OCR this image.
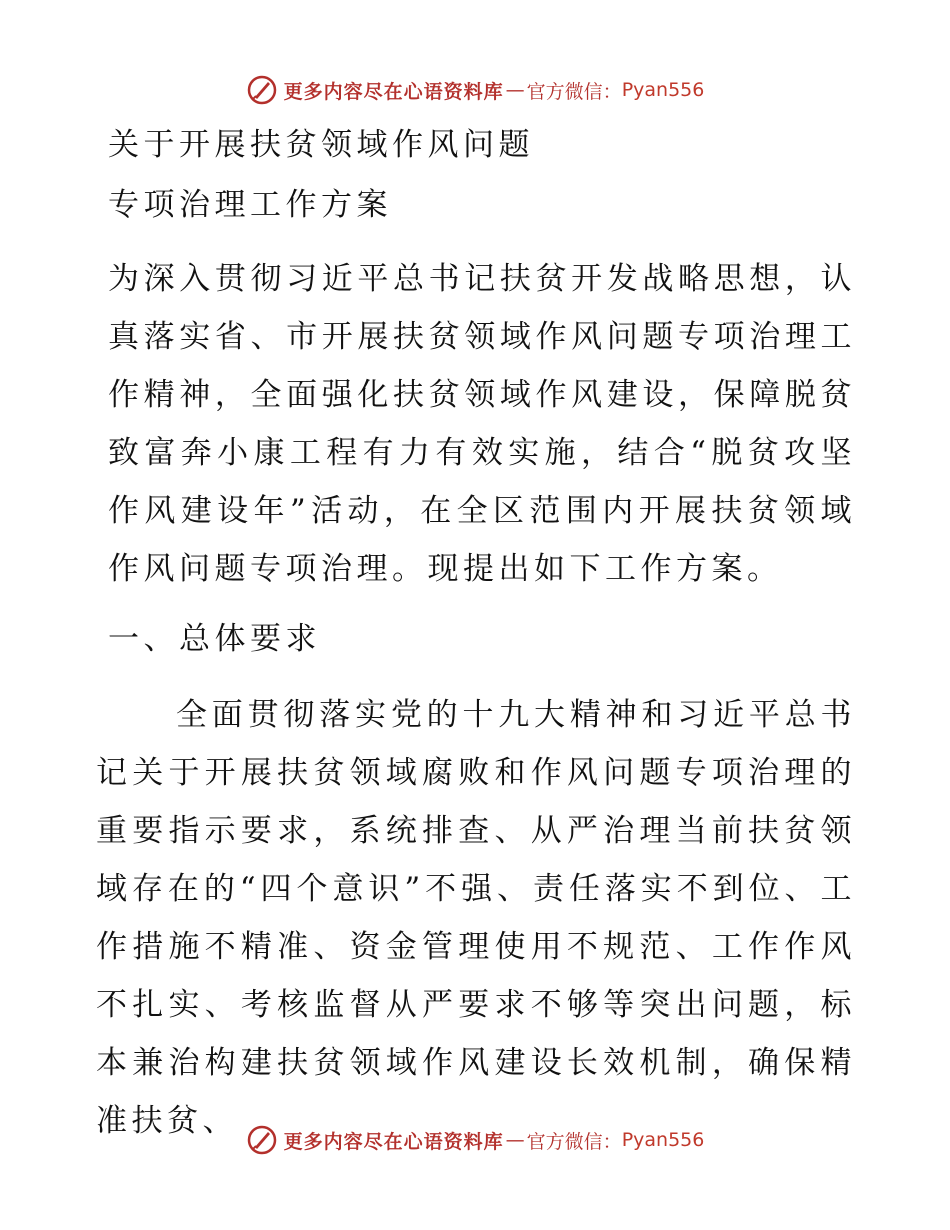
更多内容尽在心语资料库 — 官方微信： Pyan556
关于开展扶贫领域作风问题
专项治理工作方案

为深入贯彻习近平总书记扶贫开发战略思想，认真落实省、市开展扶贫领域作风问题专项治理工作精神，全面强化扶贫领域作风建设，保障脱贫致富奔小康工程有力有效实施，结合“脱贫攻坚作风建设年”活动，在全区范围内开展扶贫领域作风问题专项治理。现提出如下工作方案。

一、总体要求

全面贯彻落实党的十九大精神和习近平总书记关于开展扶贫领域腐败和作风问题专项治理的重要指示要求，系统排查、从严治理当前扶贫领域存在的“四个意识”不强、责任落实不到位、工作措施不精准、资金管理使用不规范、工作作风不扎实、考核监督从严要求不够等突出问题，标本兼治构建扶贫领域作风建设长效机制，确保精准扶贫、

更多内容尽在心语资料库 — 官方微信： Pyan556
